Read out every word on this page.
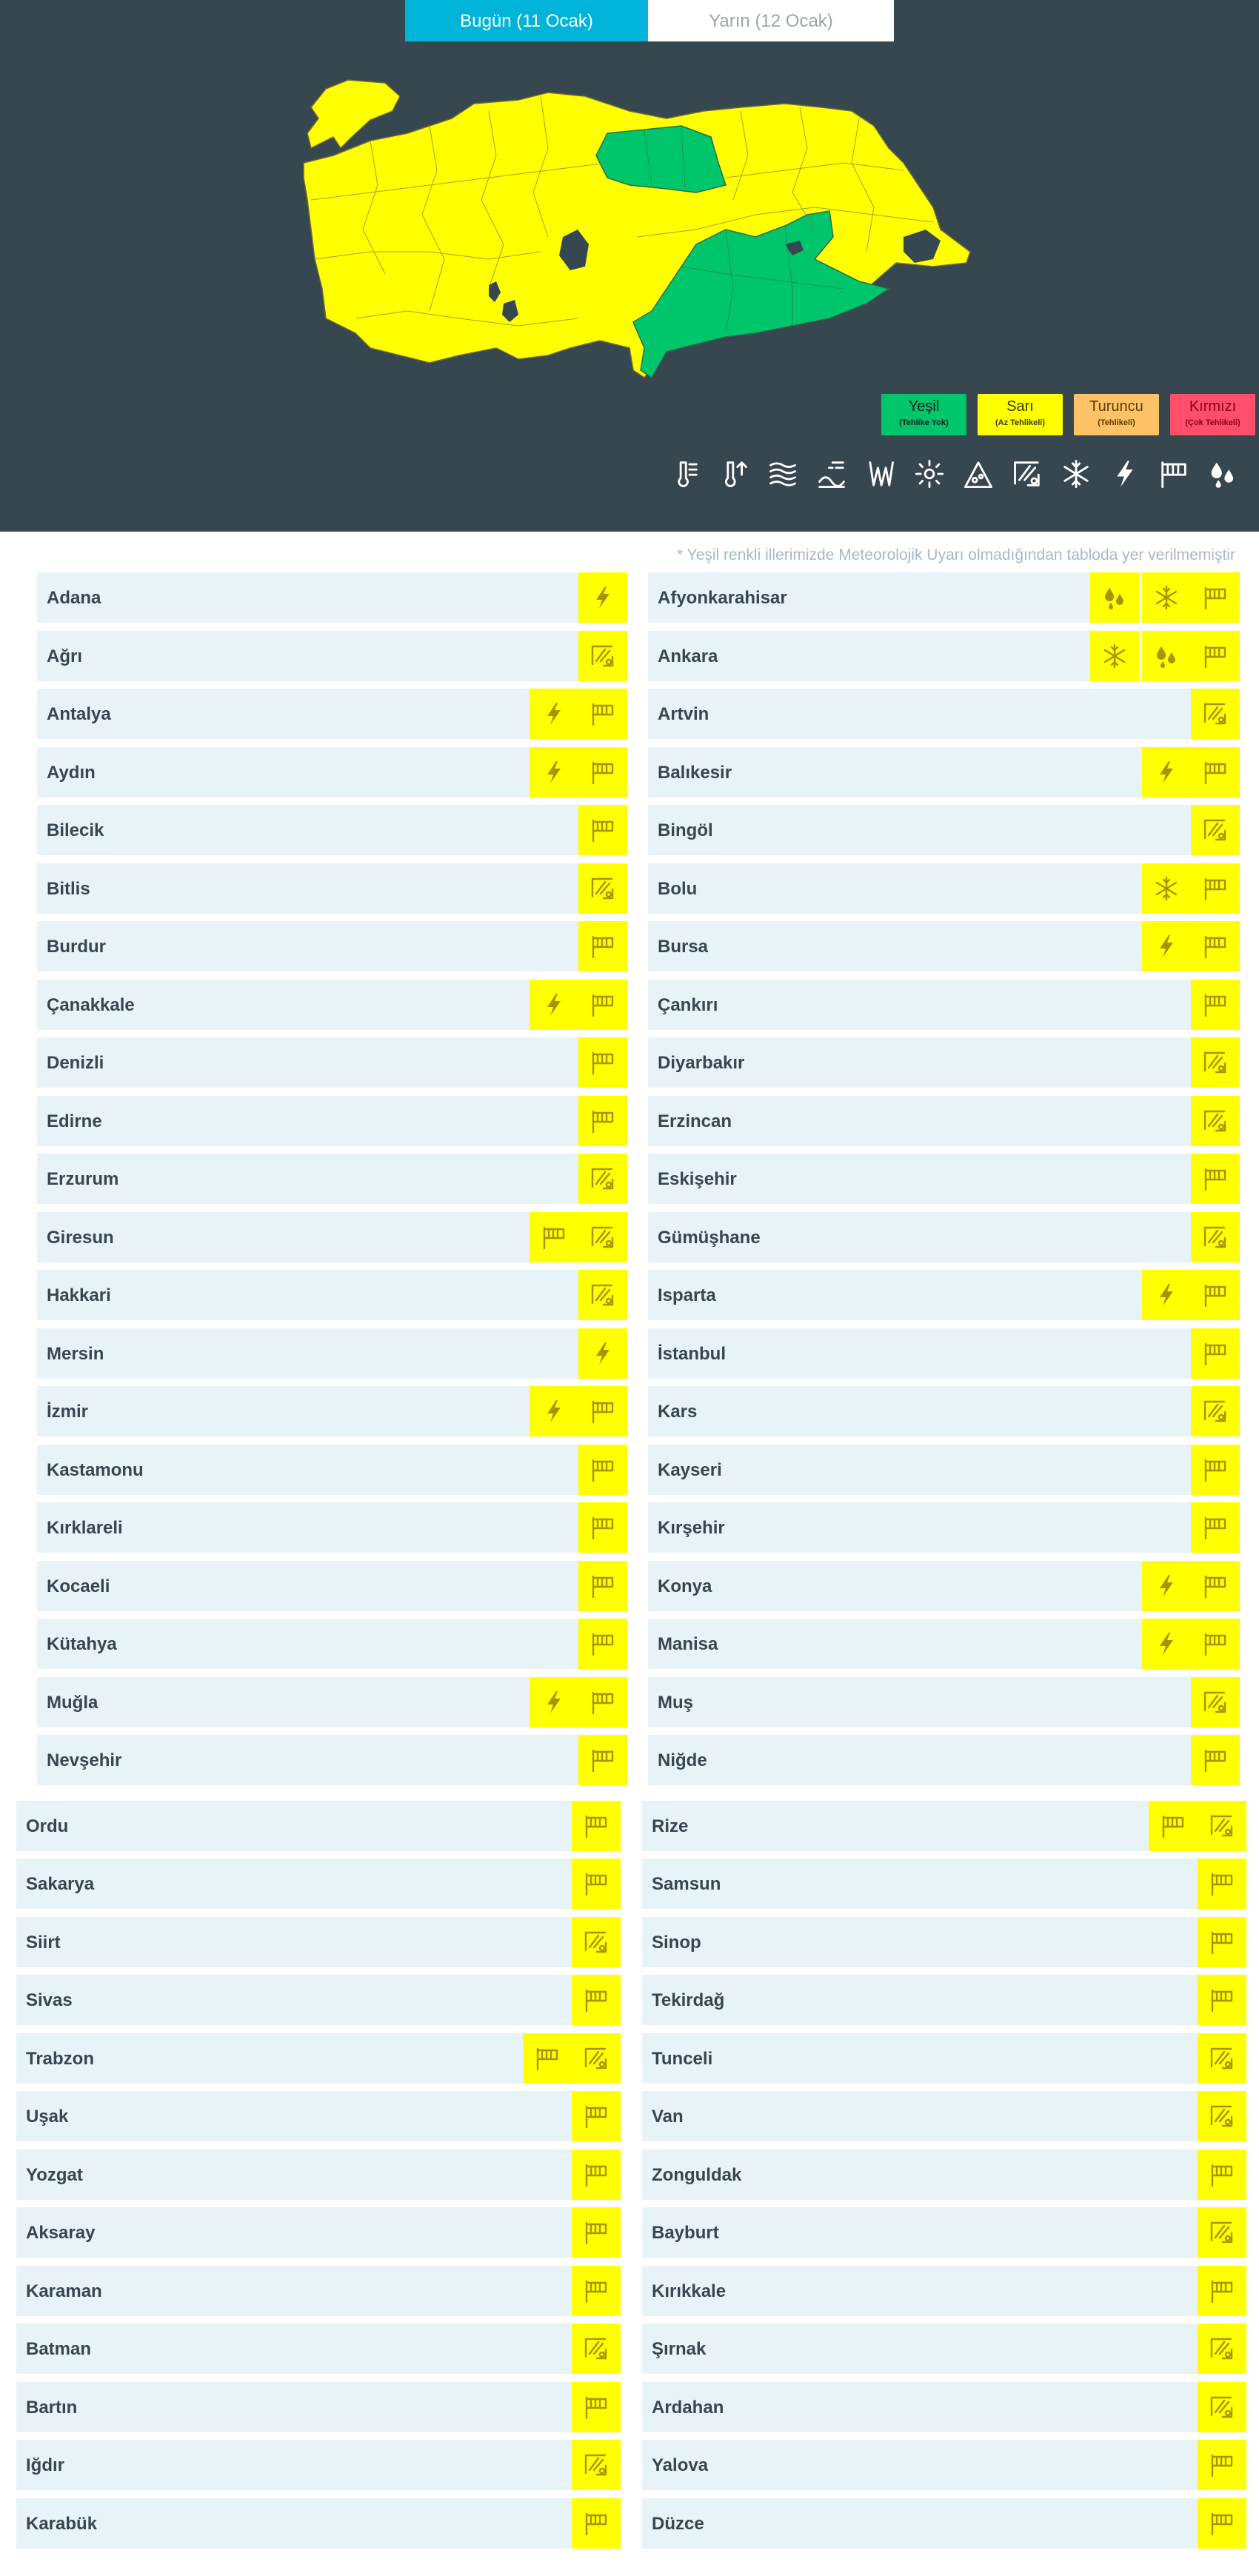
Bugün (11 Ocak)	Yarın (12 Ocak)
Yeşil
(Tehlike Yok)
Sarı
(Az Tehlikeli)
Turuncu
(Tehlikeli)
Kırmızı
(Çok Tehlikeli)
* Yeşil renkli illerimizde Meteorolojik Uyarı olmadığından tabloda yer verilmemiştir
Adana	Afyonkarahisar
Ağrı	Ankara
Antalya	Artvin
Aydın	Balıkesir
Bilecik	Bingöl
Bitlis	Bolu
Burdur	Bursa
Çanakkale	Çankırı
Denizli	Diyarbakır
Edirne	Erzincan
Erzurum	Eskişehir
Giresun	Gümüşhane
Hakkari	Isparta
Mersin	İstanbul
İzmir	Kars
Kastamonu	Kayseri
Kırklareli	Kırşehir
Kocaeli	Konya
Kütahya	Manisa
Muğla	Muş
Nevşehir	Niğde
Ordu	Rize
Sakarya	Samsun
Siirt	Sinop
Sivas	Tekirdağ
Trabzon	Tunceli
Uşak	Van
Yozgat	Zonguldak
Aksaray	Bayburt
Karaman	Kırıkkale
Batman	Şırnak
Bartın	Ardahan
Iğdır	Yalova
Karabük	Düzce
